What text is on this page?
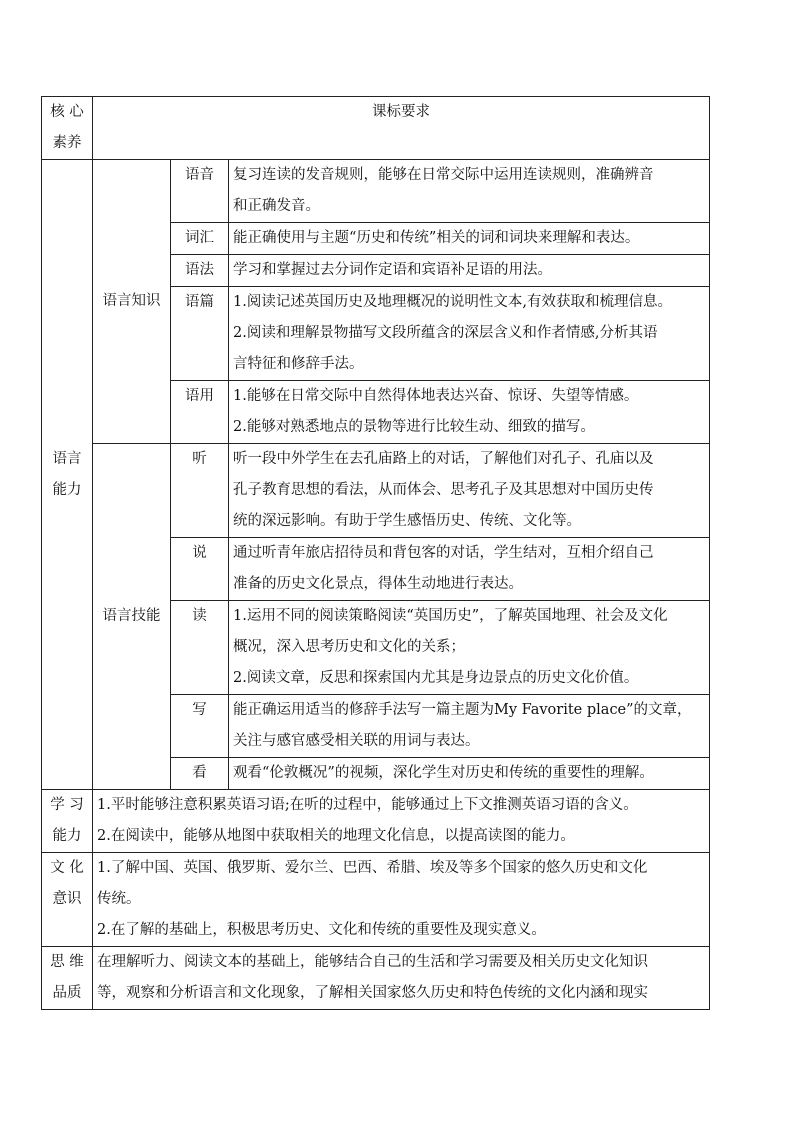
核 心
素养	课标要求		

语言
能力	语言知识	语音	复习连读的发音规则，能够在日常交际中运用连读规则，准确辨音
和正确发音。

		词汇	能正确使用与主题“历史和传统”相关的词和词块来理解和表达。

		语法	学习和掌握过去分词作定语和宾语补足语的用法。

		语篇	1.阅读记述英国历史及地理概况的说明性文本,有效获取和梳理信息。
2.阅读和理解景物描写文段所蕴含的深层含义和作者情感,分析其语
言特征和修辞手法。

		语用	1.能够在日常交际中自然得体地表达兴奋、惊讶、失望等情感。
2.能够对熟悉地点的景物等进行比较生动、细致的描写。

	语言技能	听	听一段中外学生在去孔庙路上的对话，了解他们对孔子、孔庙以及
孔子教育思想的看法，从而体会、思考孔子及其思想对中国历史传
统的深远影响。有助于学生感悟历史、传统、文化等。

		说	通过听青年旅店招待员和背包客的对话，学生结对，互相介绍自己
准备的历史文化景点，得体生动地进行表达。

		读	1.运用不同的阅读策略阅读“英国历史”，了解英国地理、社会及文化
概况，深入思考历史和文化的关系；
2.阅读文章，反思和探索国内尤其是身边景点的历史文化价值。

		写	能正确运用适当的修辞手法写一篇主题为My Favorite place”的文章，
关注与感官感受相关联的用词与表达。

		看	观看“伦敦概况”的视频，深化学生对历史和传统的重要性的理解。

学 习
能力	1.平时能够注意积累英语习语;在听的过程中，能够通过上下文推测英语习语的含义。
2.在阅读中，能够从地图中获取相关的地理文化信息，以提高读图的能力。		

文 化
意识	1.了解中国、英国、俄罗斯、爱尔兰、巴西、希腊、埃及等多个国家的悠久历史和文化
传统。
2.在了解的基础上，积极思考历史、文化和传统的重要性及现实意义。		

思 维
品质	在理解听力、阅读文本的基础上，能够结合自己的生活和学习需要及相关历史文化知识
等，观察和分析语言和文化现象，了解相关国家悠久历史和特色传统的文化内涵和现实		
